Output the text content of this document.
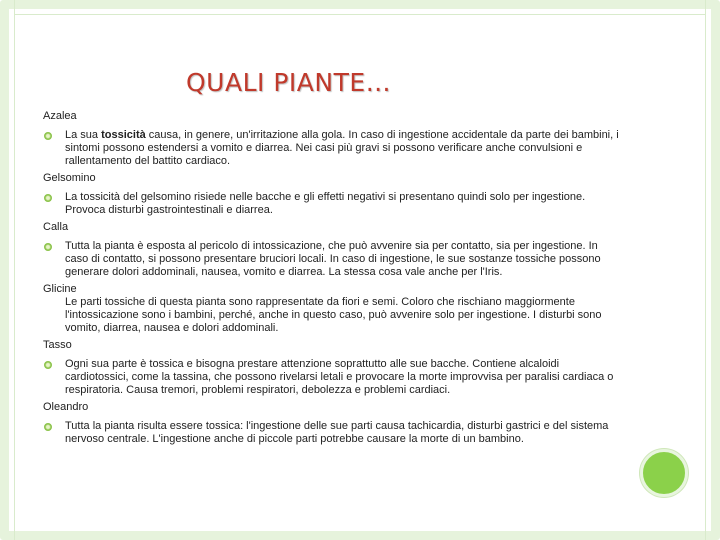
QUALI PIANTE…
Azalea
La sua tossicità causa, in genere, un'irritazione alla gola. In caso di ingestione accidentale da parte dei bambini, i sintomi possono estendersi a vomito e diarrea. Nei casi più gravi si possono verificare anche convulsioni e rallentamento del battito cardiaco.
Gelsomino
La tossicità del gelsomino risiede nelle bacche e gli effetti negativi si presentano quindi solo per ingestione. Provoca disturbi gastrointestinali e diarrea.
Calla
Tutta la pianta è esposta al pericolo di intossicazione, che può avvenire sia per contatto, sia per ingestione. In caso di contatto, si possono presentare bruciori locali. In caso di ingestione, le sue sostanze tossiche possono generare dolori addominali, nausea, vomito e diarrea. La stessa cosa vale anche per l'Iris.
Glicine
Le parti tossiche di questa pianta sono rappresentate da fiori e semi. Coloro che rischiano maggiormente l'intossicazione sono i bambini, perché, anche in questo caso, può avvenire solo per ingestione. I disturbi sono vomito, diarrea, nausea e dolori addominali.
Tasso
Ogni sua parte è tossica e bisogna prestare attenzione soprattutto alle sue bacche. Contiene alcaloidi cardiotossici, come la tassina, che possono rivelarsi letali e provocare la morte improvvisa per paralisi cardiaca o respiratoria. Causa tremori, problemi respiratori, debolezza e problemi cardiaci.
Oleandro
Tutta la pianta risulta essere tossica: l'ingestione delle sue parti causa tachicardia, disturbi gastrici e del sistema nervoso centrale. L'ingestione anche di piccole parti potrebbe causare la morte di un bambino.
